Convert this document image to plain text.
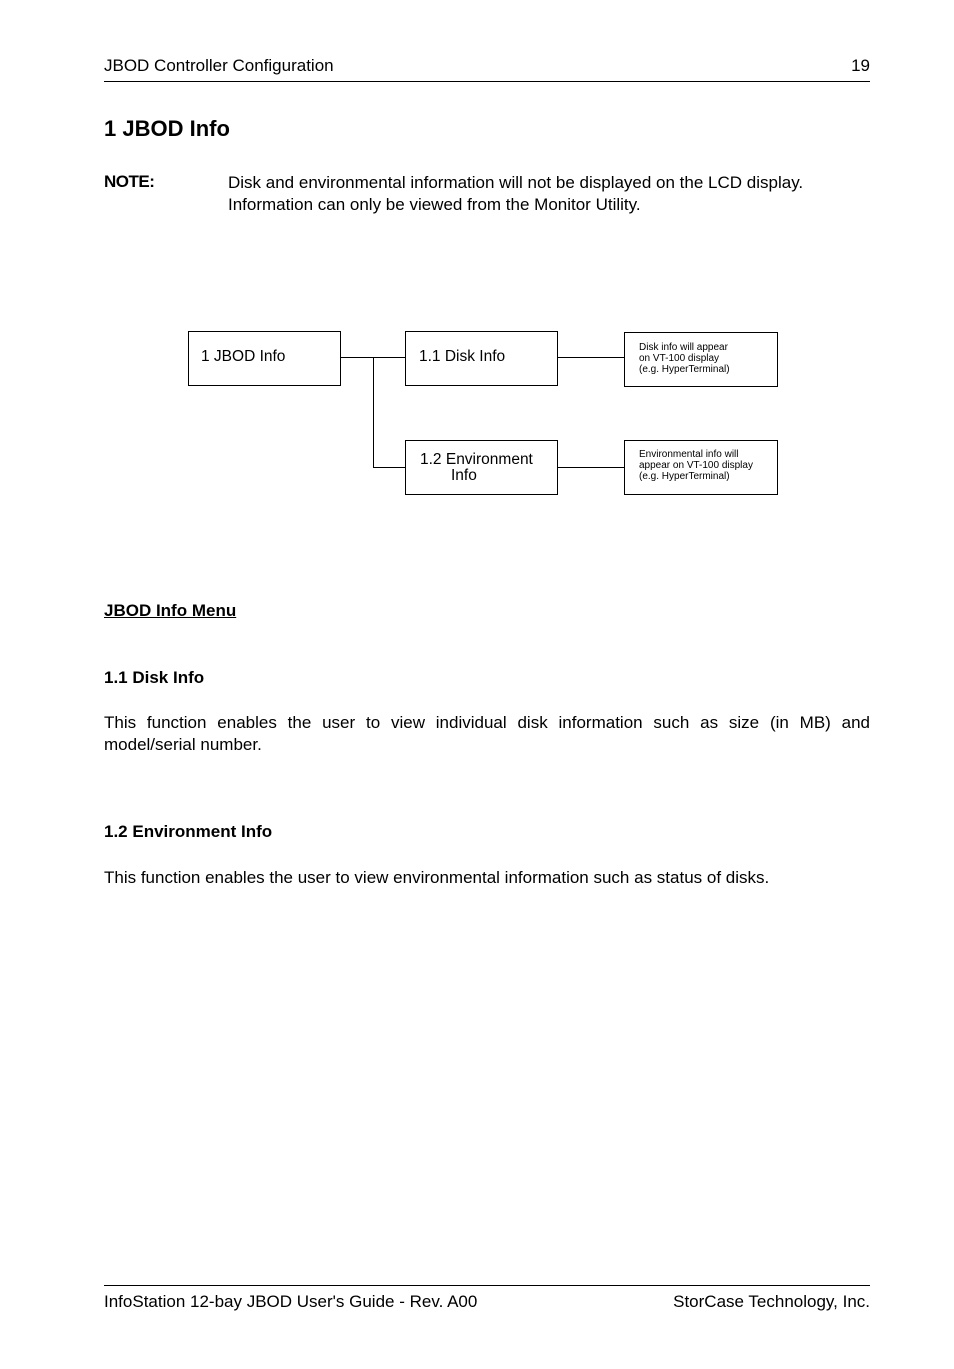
JBOD Controller Configuration	19
1 JBOD Info
NOTE:	Disk and environmental information will not be displayed on the LCD display.
Information can only be viewed from the Monitor Utility.
1 JBOD Info	1.1 Disk Info
1.2 Environment
Info
Disk info will appear
on VT-100 display
(e.g. HyperTerminal)
Environmental info will
appear on VT-100 display
(e.g. HyperTerminal)
JBOD Info Menu
1.1 Disk Info
This function enables the user to view individual disk information such as size (in MB) and model/serial number.
1.2 Environment Info
This function enables the user to view environmental information such as status of disks.
InfoStation 12-bay JBOD User's Guide - Rev. A00	StorCase Technology, Inc.
